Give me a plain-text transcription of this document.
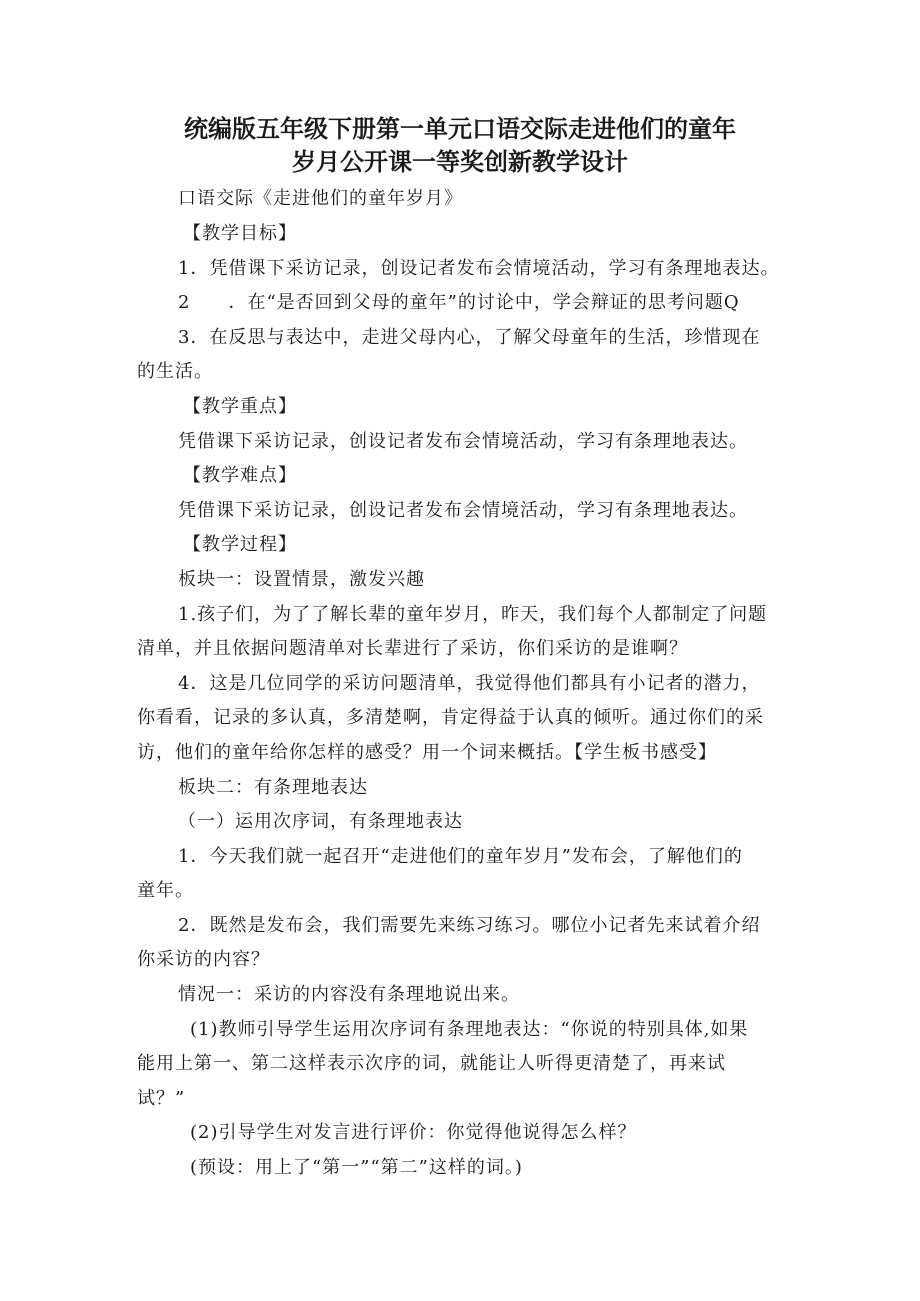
统编版五年级下册第一单元口语交际走进他们的童年
岁月公开课一等奖创新教学设计
口语交际《走进他们的童年岁月》
【教学目标】
1．凭借课下采访记录，创设记者发布会情境活动，学习有条理地表达。
2　　．在“是否回到父母的童年”的讨论中，学会辩证的思考问题Q
3．在反思与表达中，走进父母内心，了解父母童年的生活，珍惜现在
的生活。
【教学重点】
凭借课下采访记录，创设记者发布会情境活动，学习有条理地表达。
【教学难点】
凭借课下采访记录，创设记者发布会情境活动，学习有条理地表达。
【教学过程】
板块一：设置情景，激发兴趣
1.孩子们，为了了解长辈的童年岁月，昨天，我们每个人都制定了问题
清单，并且依据问题清单对长辈进行了采访，你们采访的是谁啊？
4．这是几位同学的采访问题清单，我觉得他们都具有小记者的潜力，
你看看，记录的多认真，多清楚啊，肯定得益于认真的倾听。通过你们的采
访，他们的童年给你怎样的感受？用一个词来概括。【学生板书感受】
板块二：有条理地表达
（一）运用次序词，有条理地表达
1．今天我们就一起召开“走进他们的童年岁月”发布会，了解他们的
童年。
2．既然是发布会，我们需要先来练习练习。哪位小记者先来试着介绍
你采访的内容？
情况一：采访的内容没有条理地说出来。
(1)教师引导学生运用次序词有条理地表达：“你说的特别具体,如果
能用上第一、第二这样表示次序的词，就能让人听得更清楚了，再来试
试？”
(2)引导学生对发言进行评价：你觉得他说得怎么样？
(预设：用上了“第一”“第二”这样的词。)
